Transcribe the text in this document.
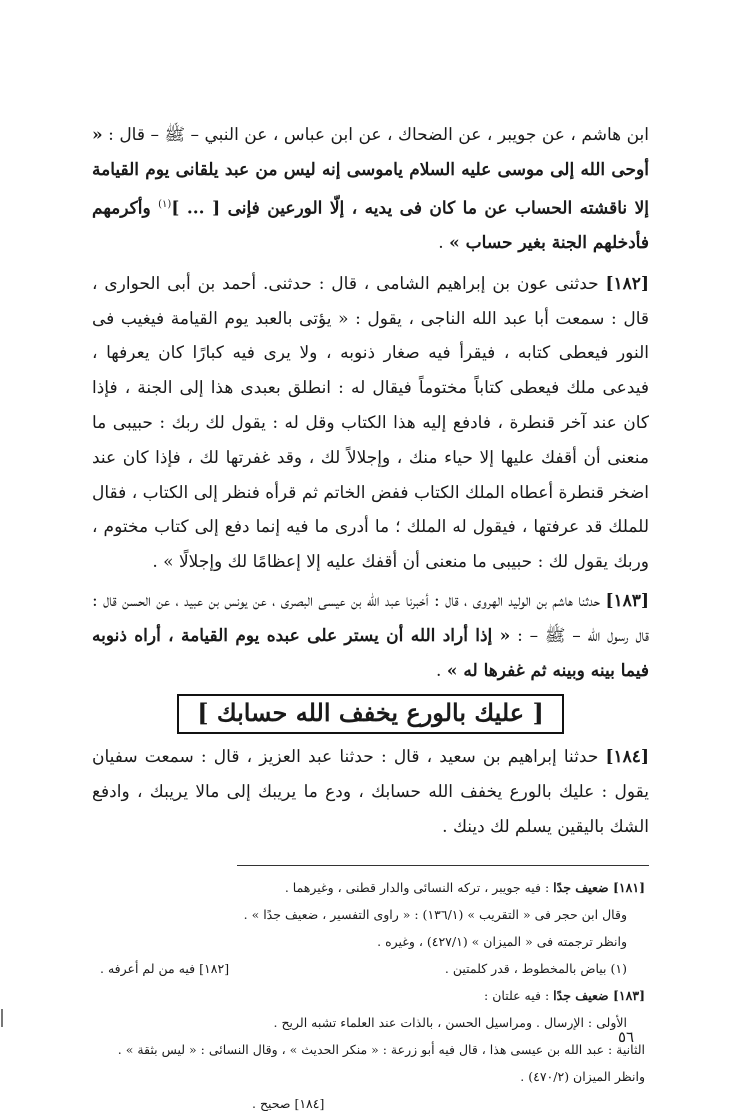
ابن هاشم ، عن جويبر ، عن الضحاك ، عن ابن عباس ، عن النبي – ﷺ – قال : « أوحى الله إلى موسى عليه السلام ياموسى إنه ليس من عبد يلقانى يوم القيامة إلا ناقشته الحساب عن ما كان فى يديه ، إلّا الورعين فإنى [ ... ]$^{(١)}$ وأكرمهم فأدخلهم الجنة بغير حساب » .

[١٨٢] حدثنى عون بن إبراهيم الشامى ، قال : حدثنى. أحمد بن أبى الحوارى ، قال : سمعت أبا عبد الله الناجى ، يقول : « يؤتى بالعبد يوم القيامة فيغيب فى النور فيعطى كتابه ، فيقرأ فيه صغار ذنوبه ، ولا يرى فيه كبارًا كان يعرفها ، فيدعى ملك فيعطى كتاباً مختوماً فيقال له : انطلق بعبدى هذا إلى الجنة ، فإذا كان عند آخر قنطرة ، فادفع إليه هذا الكتاب وقل له : يقول لك ربك : حبيبى ما منعنى أن أقفك عليها إلا حياء منك ، وإجلالاً لك ، وقد غفرتها لك ، فإذا كان عند اضخر قنطرة أعطاه الملك الكتاب ففض الخاتم ثم قرأه فنظر إلى الكتاب ، فقال للملك قد عرفتها ، فيقول له الملك ؛ ما أدرى ما فيه إنما دفع إلى كتاب مختوم ، وربك يقول لك : حبيبى ما منعنى أن أقفك عليه إلا إعظامًا لك وإجلالًا » .

[١٨٣] حدثنا هاشم بن الوليد الهروى ، قال : أخبرنا عبد الله بن عيسى البصرى ، عن يونس بن عبيد ، عن الحسن قال : قال رسول الله – ﷺ – : « إذا أراد الله أن يستر على عبده يوم القيامة ، أراه ذنوبه فيما بينه وبينه ثم غفرها له » .

[ عليك بالورع يخفف الله حسابك ]

[١٨٤] حدثنا إبراهيم بن سعيد ، قال : حدثنا عبد العزيز ، قال : سمعت سفيان يقول : عليك بالورع يخفف الله حسابك ، ودع ما يريبك إلى مالا يريبك ، وادفع الشك باليقين يسلم لك دينك .

[١٨١] ضعيف جدًا : فيه جويبر ، تركه النسائى والدار قطنى ، وغيرهما .
وقال ابن حجر فى « التقريب » (١٣٦/١) : « راوى التفسير ، ضعيف جدًا » .
وانظر ترجمته فى « الميزان » (٤٢٧/١) ، وغيره .
(١) بياض بالمخطوط ، قدر كلمتين .
[١٨٢] فيه من لم أعرفه .
[١٨٣] ضعيف جدًا : فيه علتان :
الأولى : الإرسال . ومراسيل الحسن ، بالذات عند العلماء تشبه الريح .
الثانية : عبد الله بن عيسى هذا ، قال فيه أبو زرعة : « منكر الحديث » ، وقال النسائى : « ليس بثقة » . وانظر الميزان (٤٧٠/٢) .
[١٨٤] صحيح .
٥٦
